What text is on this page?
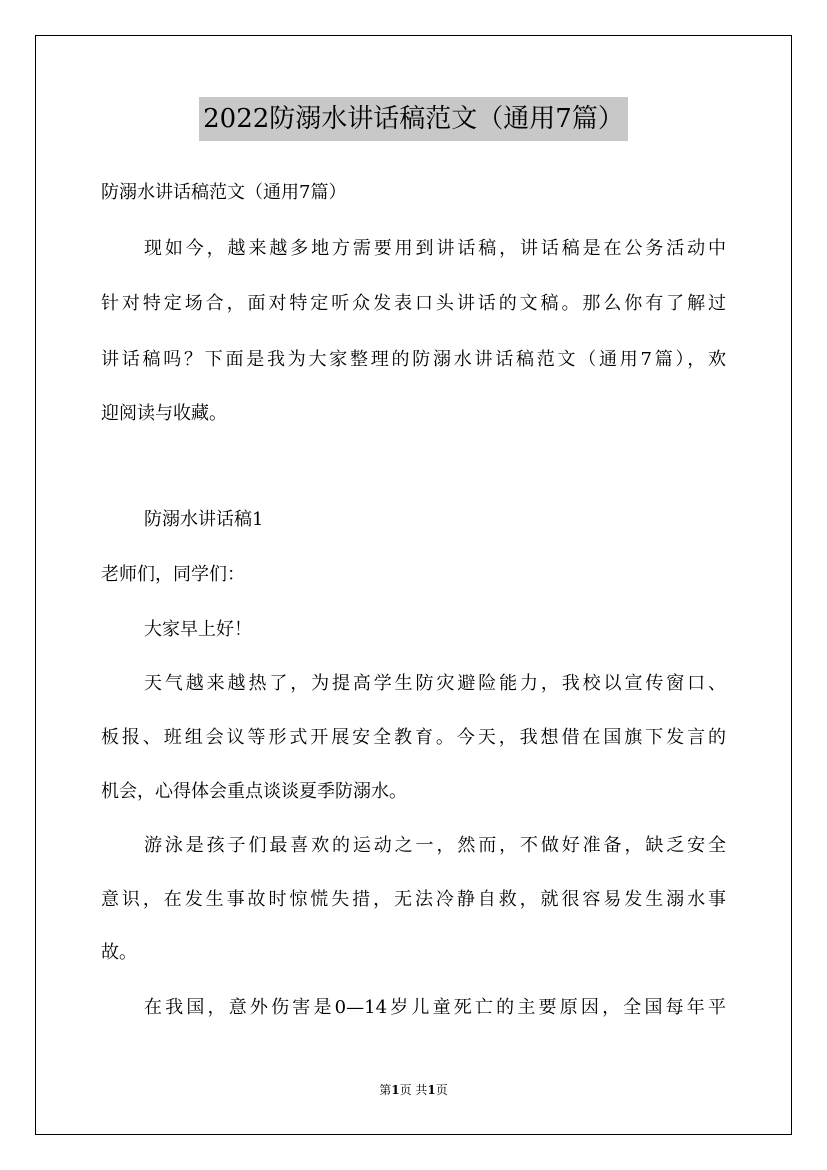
2022防溺水讲话稿范文（通用7篇）
防溺水讲话稿范文（通用7篇）
现如今，越来越多地方需要用到讲话稿，讲话稿是在公务活动中
针对特定场合，面对特定听众发表口头讲话的文稿。那么你有了解过
讲话稿吗？下面是我为大家整理的防溺水讲话稿范文（通用7篇），欢
迎阅读与收藏。
防溺水讲话稿1
老师们，同学们：
大家早上好！
天气越来越热了，为提高学生防灾避险能力，我校以宣传窗口、
板报、班组会议等形式开展安全教育。今天，我想借在国旗下发言的
机会，心得体会重点谈谈夏季防溺水。
游泳是孩子们最喜欢的运动之一，然而，不做好准备，缺乏安全
意识，在发生事故时惊慌失措，无法冷静自救，就很容易发生溺水事
故。
在我国，意外伤害是0—14岁儿童死亡的主要原因，全国每年平
第1页 共1页
